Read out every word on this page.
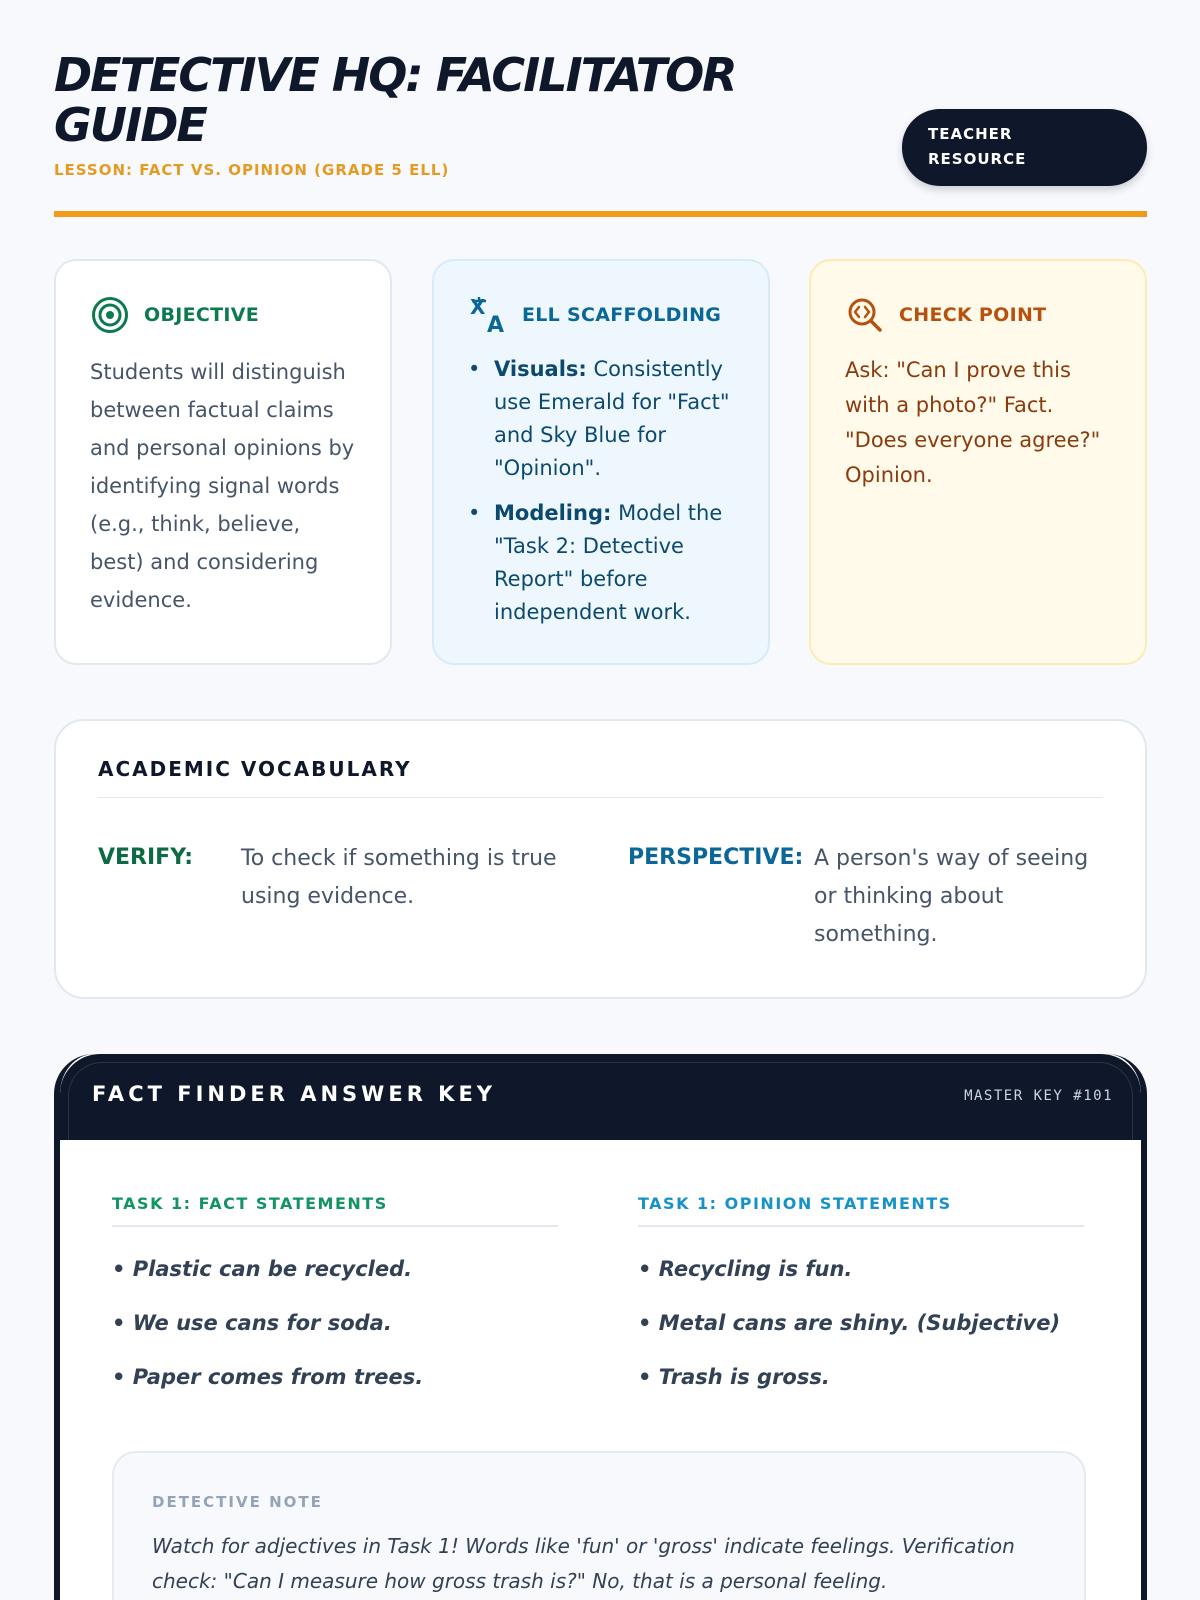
DETECTIVE HQ: FACILITATOR GUIDE
LESSON: FACT VS. OPINION (GRADE 5 ELL)
TEACHER
RESOURCE
OBJECTIVE
Students will distinguish between factual claims and personal opinions by identifying signal words (e.g., think, believe, best) and considering evidence.
X
A ELL SCAFFOLDING
• Visuals: Consistently use Emerald for "Fact" and Sky Blue for "Opinion".
• Modeling: Model the "Task 2: Detective Report" before independent work.
CHECK POINT
Ask: "Can I prove this with a photo?" Fact. "Does everyone agree?" Opinion.
ACADEMIC VOCABULARY
VERIFY: To check if something is true using evidence.
PERSPECTIVE: A person's way of seeing or thinking about something.
FACT FINDER ANSWER KEY	MASTER KEY #101
TASK 1: FACT STATEMENTS
• Plastic can be recycled.
• We use cans for soda.
• Paper comes from trees.
TASK 1: OPINION STATEMENTS
• Recycling is fun.
• Metal cans are shiny. (Subjective)
• Trash is gross.
DETECTIVE NOTE
Watch for adjectives in Task 1! Words like 'fun' or 'gross' indicate feelings. Verification check: "Can I measure how gross trash is?" No, that is a personal feeling.
